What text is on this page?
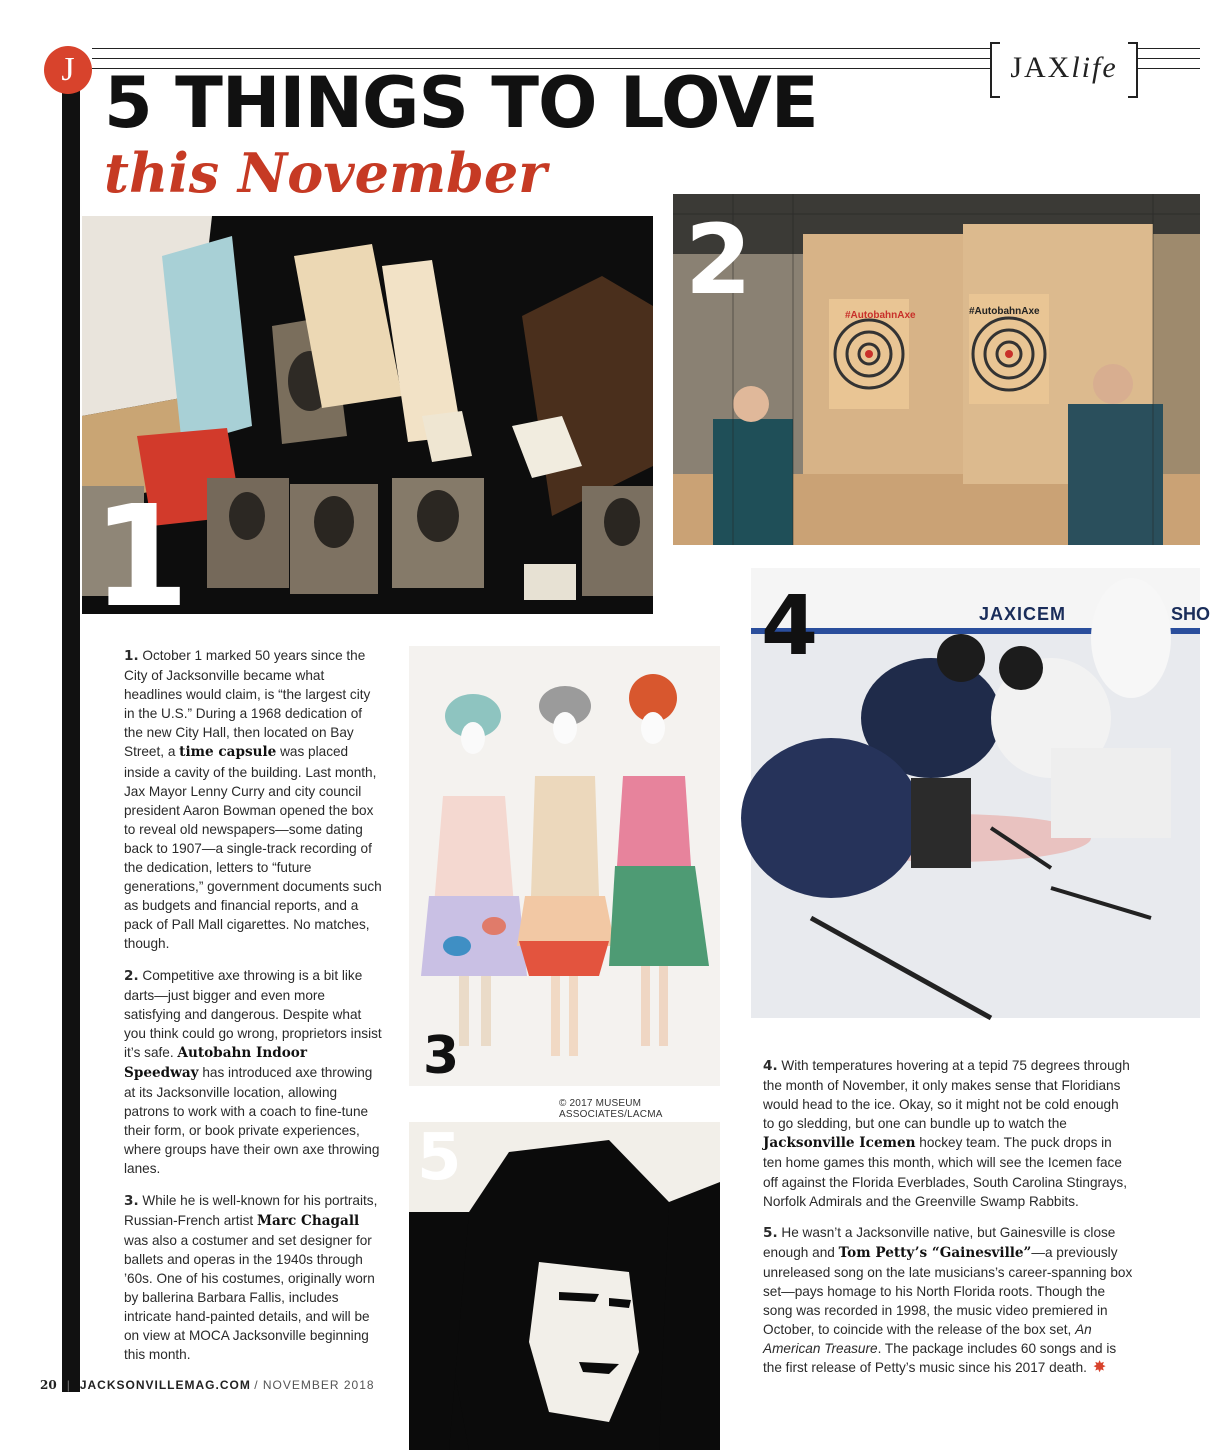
J	JAX life
5 THINGS TO LOVE
this November
1
#AutobahnAxe	#AutobahnAxe
2
3
© 2017 MUSEUM ASSOCIATES/LACMA
JAXICEM	SHO
4
5

1. October 1 marked 50 years since the City of Jacksonville became what headlines would claim, is “the largest city in the U.S.” During a 1968 dedication of the new City Hall, then located on Bay Street, a time capsule was placed inside a cavity of the building. Last month, Jax Mayor Lenny Curry and city council president Aaron Bowman opened the box to reveal old newspapers—some dating back to 1907—a single-track recording of the dedication, letters to “future generations,” government documents such as budgets and financial reports, and a pack of Pall Mall cigarettes. No matches, though.

2. Competitive axe throwing is a bit like darts—just bigger and even more satisfying and dangerous. Despite what you think could go wrong, proprietors insist it’s safe. Autobahn Indoor Speedway has introduced axe throwing at its Jacksonville location, allowing patrons to work with a coach to fine-tune their form, or book private experiences, where groups have their own axe throwing lanes.

3. While he is well-known for his portraits, Russian-French artist Marc Chagall was also a costumer and set designer for ballets and operas in the 1940s through ’60s. One of his costumes, originally worn by ballerina Barbara Fallis, includes intricate hand-painted details, and will be on view at MOCA Jacksonville beginning this month.

4. With temperatures hovering at a tepid 75 degrees through the month of November, it only makes sense that Floridians would head to the ice. Okay, so it might not be cold enough to go sledding, but one can bundle up to watch the Jacksonville Icemen hockey team. The puck drops in ten home games this month, which will see the Icemen face off against the Florida Everblades, South Carolina Stingrays, Norfolk Admirals and the Greenville Swamp Rabbits.

5. He wasn’t a Jacksonville native, but Gainesville is close enough and Tom Petty’s “Gainesville”—a previously unreleased song on the late musicians’s career-spanning box set—pays homage to his North Florida roots. Though the song was recorded in 1998, the music video premiered in October, to coincide with the release of the box set, An American Treasure. The package includes 60 songs and is the first release of Petty’s music since his 2017 death. ✸

20 | JACKSONVILLEMAG.COM / NOVEMBER 2018
